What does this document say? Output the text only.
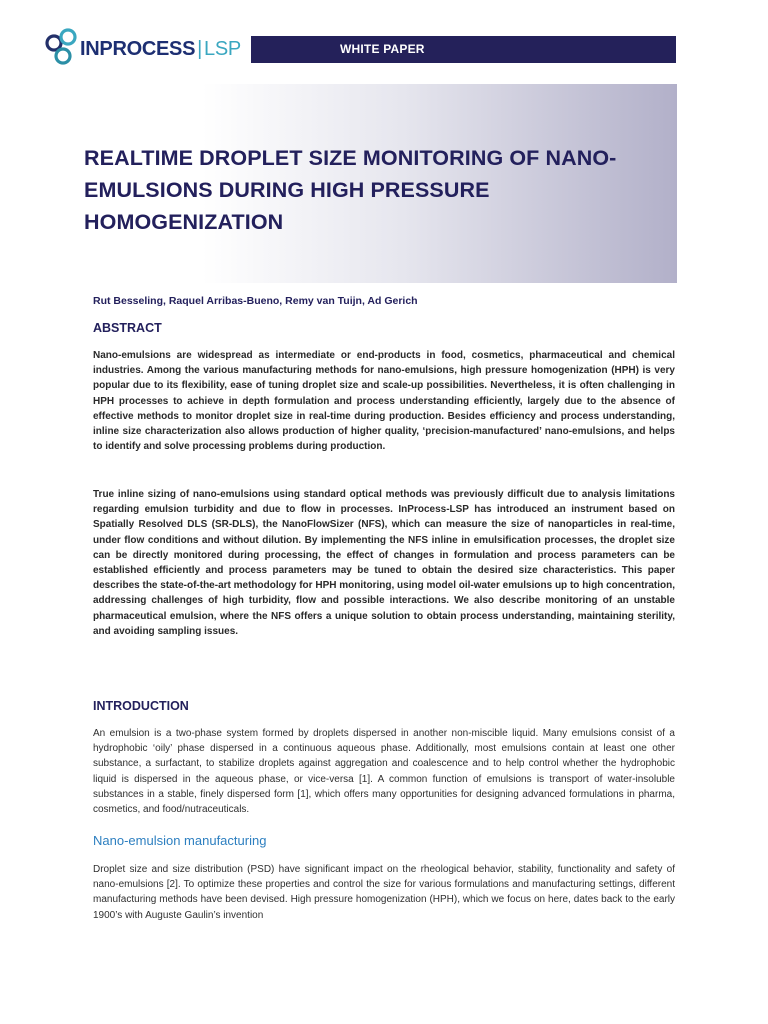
INPROCESS | LSP	WHITE PAPER
REALTIME DROPLET SIZE MONITORING OF NANO-EMULSIONS DURING HIGH PRESSURE HOMOGENIZATION

Rut Besseling, Raquel Arribas-Bueno, Remy van Tuijn, Ad Gerich

ABSTRACT

Nano-emulsions are widespread as intermediate or end-products in food, cosmetics, pharmaceutical and chemical industries. Among the various manufacturing methods for nano-emulsions, high pressure homogenization (HPH) is very popular due to its flexibility, ease of tuning droplet size and scale-up possibilities. Nevertheless, it is often challenging in HPH processes to achieve in depth formulation and process understanding efficiently, largely due to the absence of effective methods to monitor droplet size in real-time during production. Besides efficiency and process understanding, inline size characterization also allows production of higher quality, ‘precision-manufactured’ nano-emulsions, and helps to identify and solve processing problems during production.

True inline sizing of nano-emulsions using standard optical methods was previously difficult due to analysis limitations regarding emulsion turbidity and due to flow in processes. InProcess-LSP has introduced an instrument based on Spatially Resolved DLS (SR-DLS), the NanoFlowSizer (NFS), which can measure the size of nanoparticles in real-time, under flow conditions and without dilution. By implementing the NFS inline in emulsification processes, the droplet size can be directly monitored during processing, the effect of changes in formulation and process parameters can be established efficiently and process parameters may be tuned to obtain the desired size characteristics. This paper describes the state-of-the-art methodology for HPH monitoring, using model oil-water emulsions up to high concentration, addressing challenges of high turbidity, flow and possible interactions. We also describe monitoring of an unstable pharmaceutical emulsion, where the NFS offers a unique solution to obtain process understanding, maintaining sterility, and avoiding sampling issues.

INTRODUCTION

An emulsion is a two-phase system formed by droplets dispersed in another non-miscible liquid. Many emulsions consist of a hydrophobic ‘oily’ phase dispersed in a continuous aqueous phase. Additionally, most emulsions contain at least one other substance, a surfactant, to stabilize droplets against aggregation and coalescence and to help control whether the hydrophobic liquid is dispersed in the aqueous phase, or vice-versa [1]. A common function of emulsions is transport of water-insoluble substances in a stable, finely dispersed form [1], which offers many opportunities for designing advanced formulations in pharma, cosmetics, and food/nutraceuticals.

Nano-emulsion manufacturing

Droplet size and size distribution (PSD) have significant impact on the rheological behavior, stability, functionality and safety of nano-emulsions [2]. To optimize these properties and control the size for various formulations and manufacturing settings, different manufacturing methods have been devised. High pressure homogenization (HPH), which we focus on here, dates back to the early 1900’s with Auguste Gaulin’s invention
